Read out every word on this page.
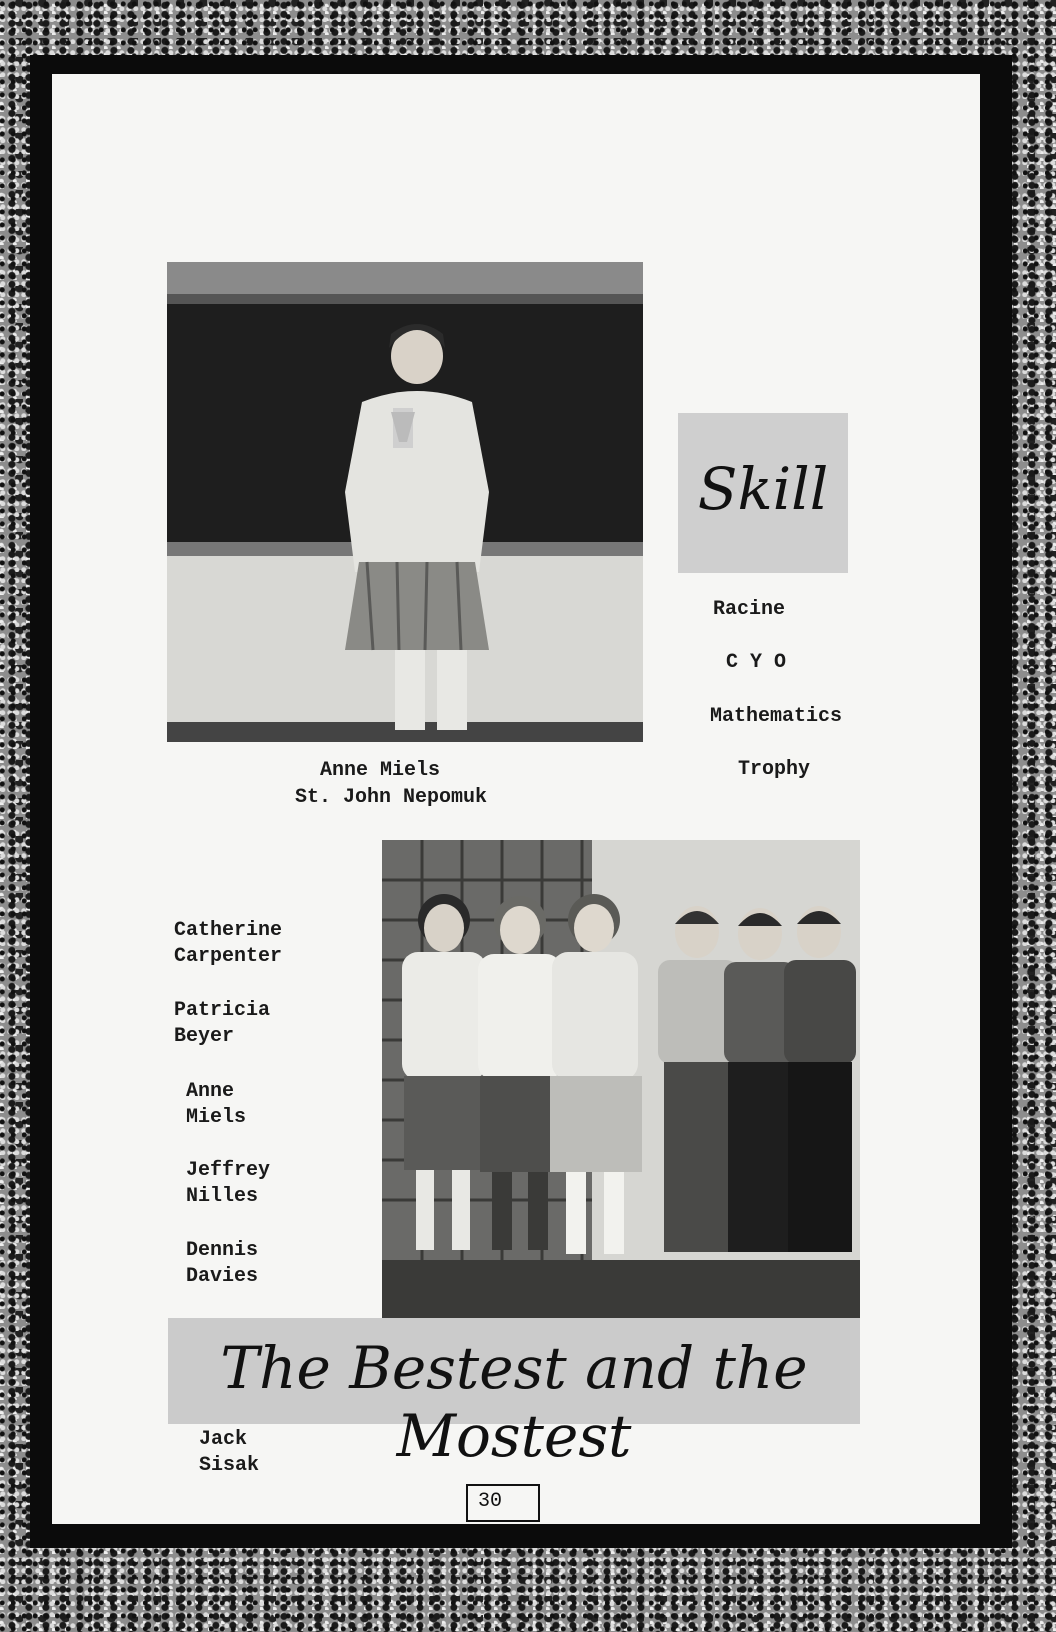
Skill
Racine
C Y O
Mathematics
Trophy
Anne Miels
St. John Nepomuk
Catherine
Carpenter
Patricia
Beyer
Anne
Miels
Jeffrey
Nilles
Dennis
Davies
The Bestest and the Mostest
Jack
Sisak
30
